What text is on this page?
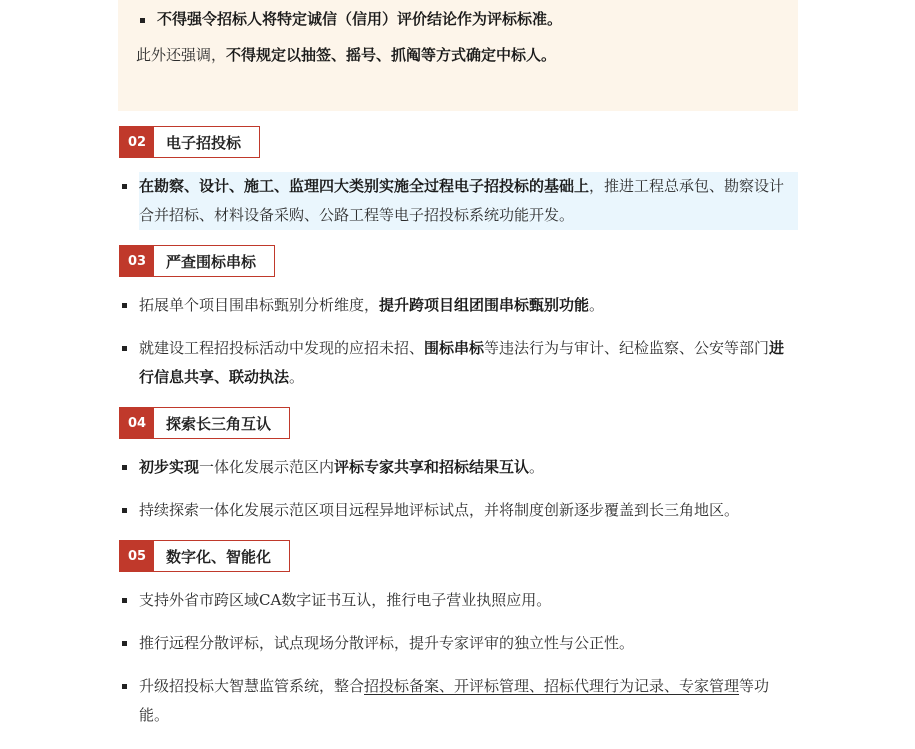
不得强令招标人将特定诚信（信用）评价结论作为评标标准。

此外还强调，不得规定以抽签、摇号、抓阄等方式确定中标人。

02	电子招投标
在勘察、设计、施工、监理四大类别实施全过程电子招投标的基础上，推进工程总承包、勘察设计合并招标、材料设备采购、公路工程等电子招投标系统功能开发。
03	严查围标串标
拓展单个项目围串标甄别分析维度，提升跨项目组团围串标甄别功能。
就建设工程招投标活动中发现的应招未招、围标串标等违法行为与审计、纪检监察、公安等部门进行信息共享、联动执法。
04	探索长三角互认
初步实现一体化发展示范区内评标专家共享和招标结果互认。
持续探索一体化发展示范区项目远程异地评标试点，并将制度创新逐步覆盖到长三角地区。
05	数字化、智能化
支持外省市跨区域CA数字证书互认，推行电子营业执照应用。
推行远程分散评标，试点现场分散评标，提升专家评审的独立性与公正性。
升级招投标大智慧监管系统，整合招投标备案、开评标管理、招标代理行为记录、专家管理等功能。
